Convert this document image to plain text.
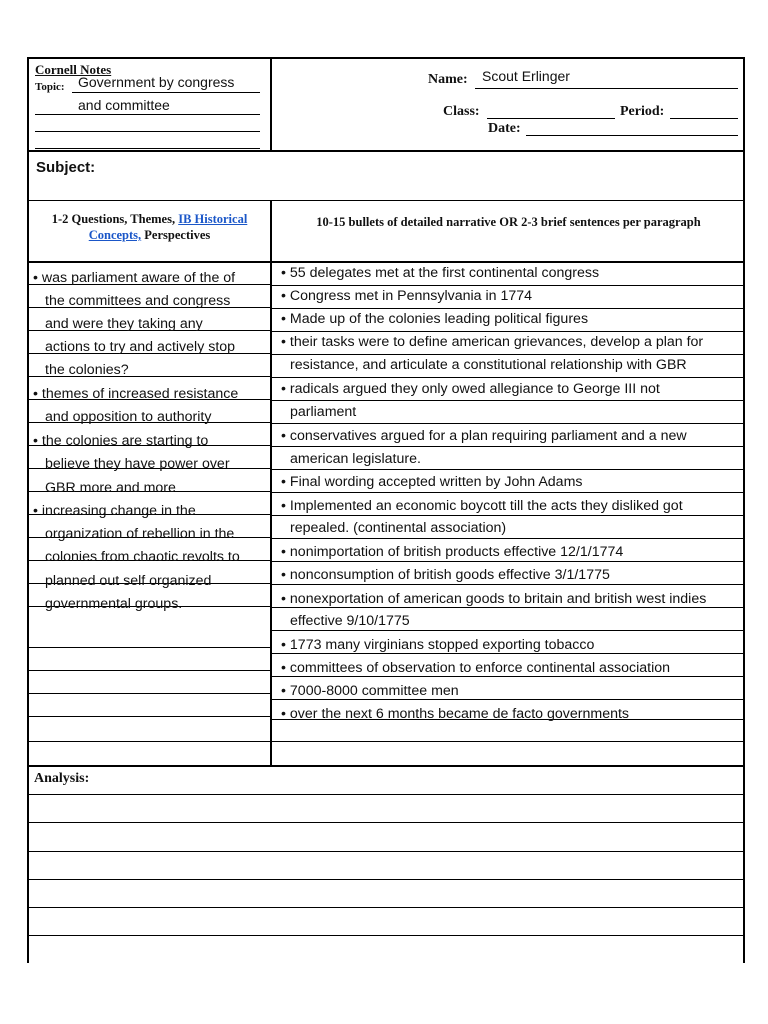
Cornell Notes
Topic: Government by congress
and committee
Name: Scout Erlinger
Class:	Period:
Date:
Subject:
1-2 Questions, Themes, IB Historical Concepts, Perspectives
10-15 bullets of detailed narrative OR 2-3 brief sentences per paragraph
• was parliament aware of the of
the committees and congress
and were they taking any
actions to try and actively stop
the colonies?
• themes of increased resistance
and opposition to authority
• the colonies are starting to
believe they have power over
GBR more and more
• increasing change in the
organization of rebellion in the
colonies from chaotic revolts to
planned out self organized
governmental groups.
• 55 delegates met at the first continental congress
• Congress met in Pennsylvania in 1774
• Made up of the colonies leading political figures
• their tasks were to define american grievances, develop a plan for
resistance, and articulate a constitutional relationship with GBR
• radicals argued they only owed allegiance to George III not
parliament
• conservatives argued for a plan requiring parliament and a new
american legislature.
• Final wording accepted written by John Adams
• Implemented an economic boycott till the acts they disliked got
repealed. (continental association)
• nonimportation of british products effective 12/1/1774
• nonconsumption of british goods effective 3/1/1775
• nonexportation of american goods to britain and british west indies
effective 9/10/1775
• 1773 many virginians stopped exporting tobacco
• committees of observation to enforce continental association
• 7000-8000 committee men
• over the next 6 months became de facto governments
Analysis:
